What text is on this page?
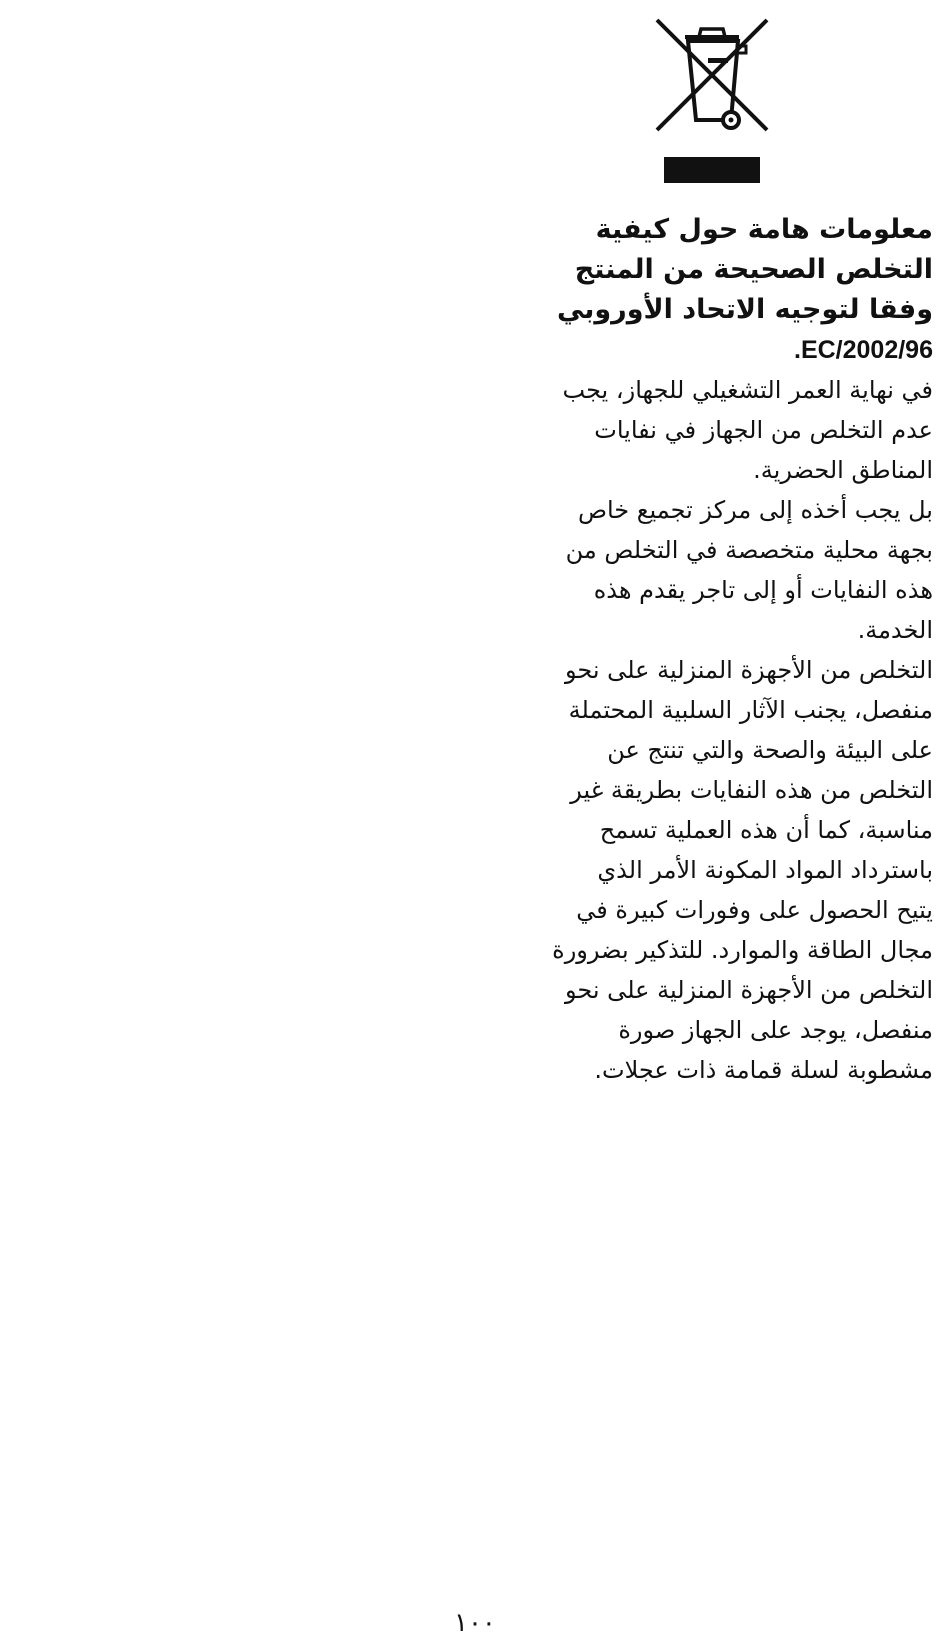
معلومات هامة حول كيفية
التخلص الصحيحة من المنتج
وفقا لتوجيه الاتحاد الأوروبي
2002/96/EC.

في نهاية العمر التشغيلي للجهاز، يجب
عدم التخلص من الجهاز في نفايات
المناطق الحضرية.

بل يجب أخذه إلى مركز تجميع خاص
بجهة محلية متخصصة في التخلص من
هذه النفايات أو إلى تاجر يقدم هذه
الخدمة.

التخلص من الأجهزة المنزلية على نحو
منفصل، يجنب الآثار السلبية المحتملة
على البيئة والصحة والتي تنتج عن
التخلص من هذه النفايات بطريقة غير
مناسبة، كما أن هذه العملية تسمح
باسترداد المواد المكونة الأمر الذي
يتيح الحصول على وفورات كبيرة في
مجال الطاقة والموارد. للتذكير بضرورة
التخلص من الأجهزة المنزلية على نحو
منفصل، يوجد على الجهاز صورة
مشطوبة لسلة قمامة ذات عجلات.

١٠٠
